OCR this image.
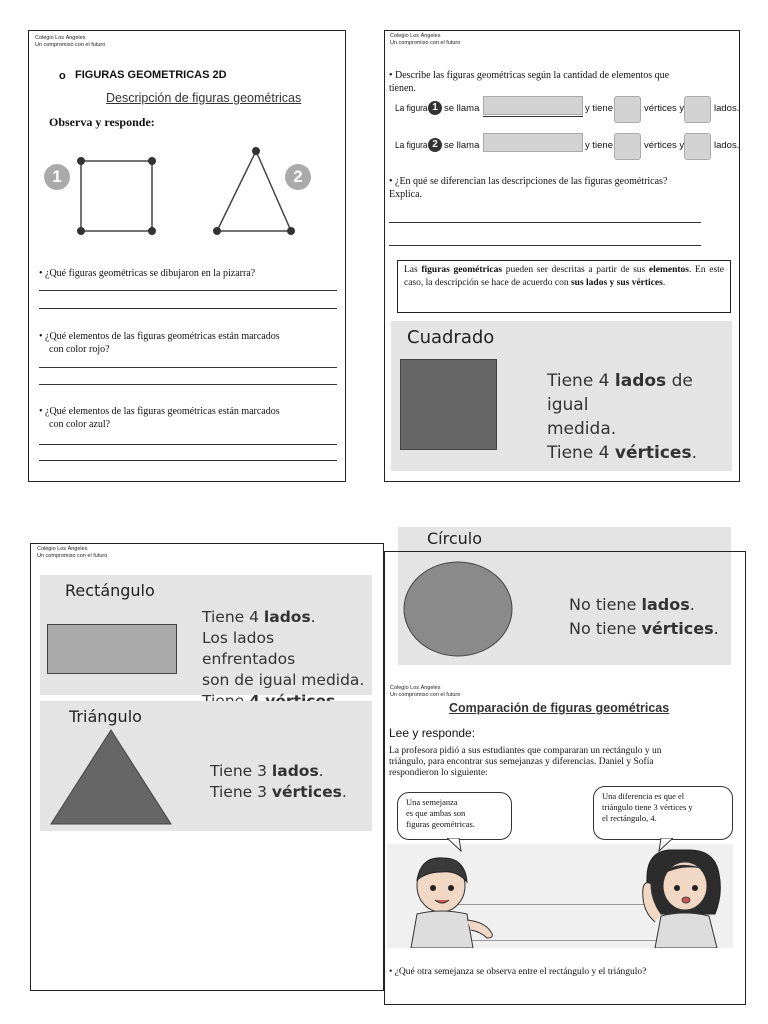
Colegio Los Ángeles
Un compromiso con el futuro
o FIGURAS GEOMETRICAS 2D
Descripción de figuras geométricas
Observa y responde:
1	2
• ¿Qué figuras geométricas se dibujaron en la pizarra?
• ¿Qué elementos de las figuras geométricas están marcados
con color rojo?
• ¿Qué elementos de las figuras geométricas están marcados
con color azul?
Colegio Los Ángeles
Un compromiso con el futuro
• Describe las figuras geométricas según la cantidad de elementos que
tienen.
La figura 1 se llama	y tiene	vértices y	lados.
La figura 2 se llama	y tiene	vértices y	lados.
• ¿En qué se diferencian las descripciones de las figuras geométricas?
Explica.
Las figuras geométricas pueden ser descritas a partir de sus elementos. En este caso, la descripción se hace de acuerdo con sus lados y sus vértices.
Cuadrado
Tiene 4 lados de igual
medida.
Tiene 4 vértices.
Colegio Los Ángeles
Un compromiso con el futuro
Rectángulo
Tiene 4 lados.
Los lados enfrentados
son de igual medida.
Triángulo
Tiene 3 lados.
Tiene 3 vértices.
Círculo
No tiene lados.
No tiene vértices.
Colegio Los Ángeles
Un compromiso con el futuro
Comparación de figuras geométricas
Lee y responde:
La profesora pidió a sus estudiantes que compararan un rectángulo y un
triángulo, para encontrar sus semejanzas y diferencias. Daniel y Sofía
respondieron lo siguiente:
Una semejanza
es que ambas son
figuras geométricas.
Una diferencia es que el
triángulo tiene 3 vértices y
el rectángulo, 4.
• ¿Qué otra semejanza se observa entre el rectángulo y el triángulo?
